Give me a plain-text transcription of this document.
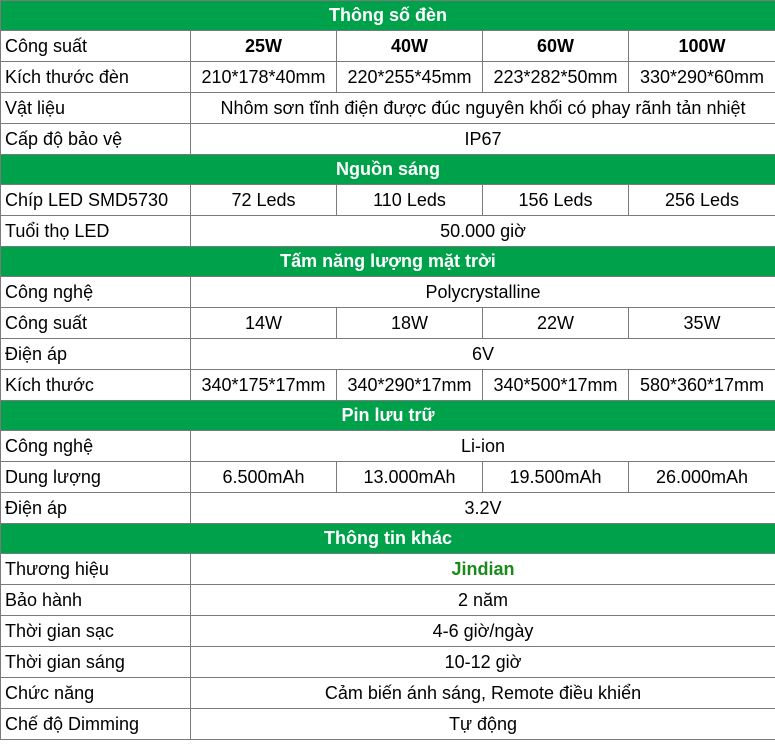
Thông số đèn				
Công suất	25W	40W	60W	100W
Kích thước đèn	210*178*40mm	220*255*45mm	223*282*50mm	330*290*60mm
Vật liệu	Nhôm sơn tĩnh điện được đúc nguyên khối có phay rãnh tản nhiệt			
Cấp độ bảo vệ	IP67			
Nguồn sáng				
Chíp LED SMD5730	72 Leds	110 Leds	156 Leds	256 Leds
Tuổi thọ LED	50.000 giờ			
Tấm năng lượng mặt trời				
Công nghệ	Polycrystalline			
Công suất	14W	18W	22W	35W
Điện áp	6V			
Kích thước	340*175*17mm	340*290*17mm	340*500*17mm	580*360*17mm
Pin lưu trữ				
Công nghệ	Li-ion			
Dung lượng	6.500mAh	13.000mAh	19.500mAh	26.000mAh
Điện áp	3.2V			
Thông tin khác				
Thương hiệu	Jindian			
Bảo hành	2 năm			
Thời gian sạc	4-6 giờ/ngày			
Thời gian sáng	10-12 giờ			
Chức năng	Cảm biến ánh sáng, Remote điều khiển			
Chế độ Dimming	Tự động			
